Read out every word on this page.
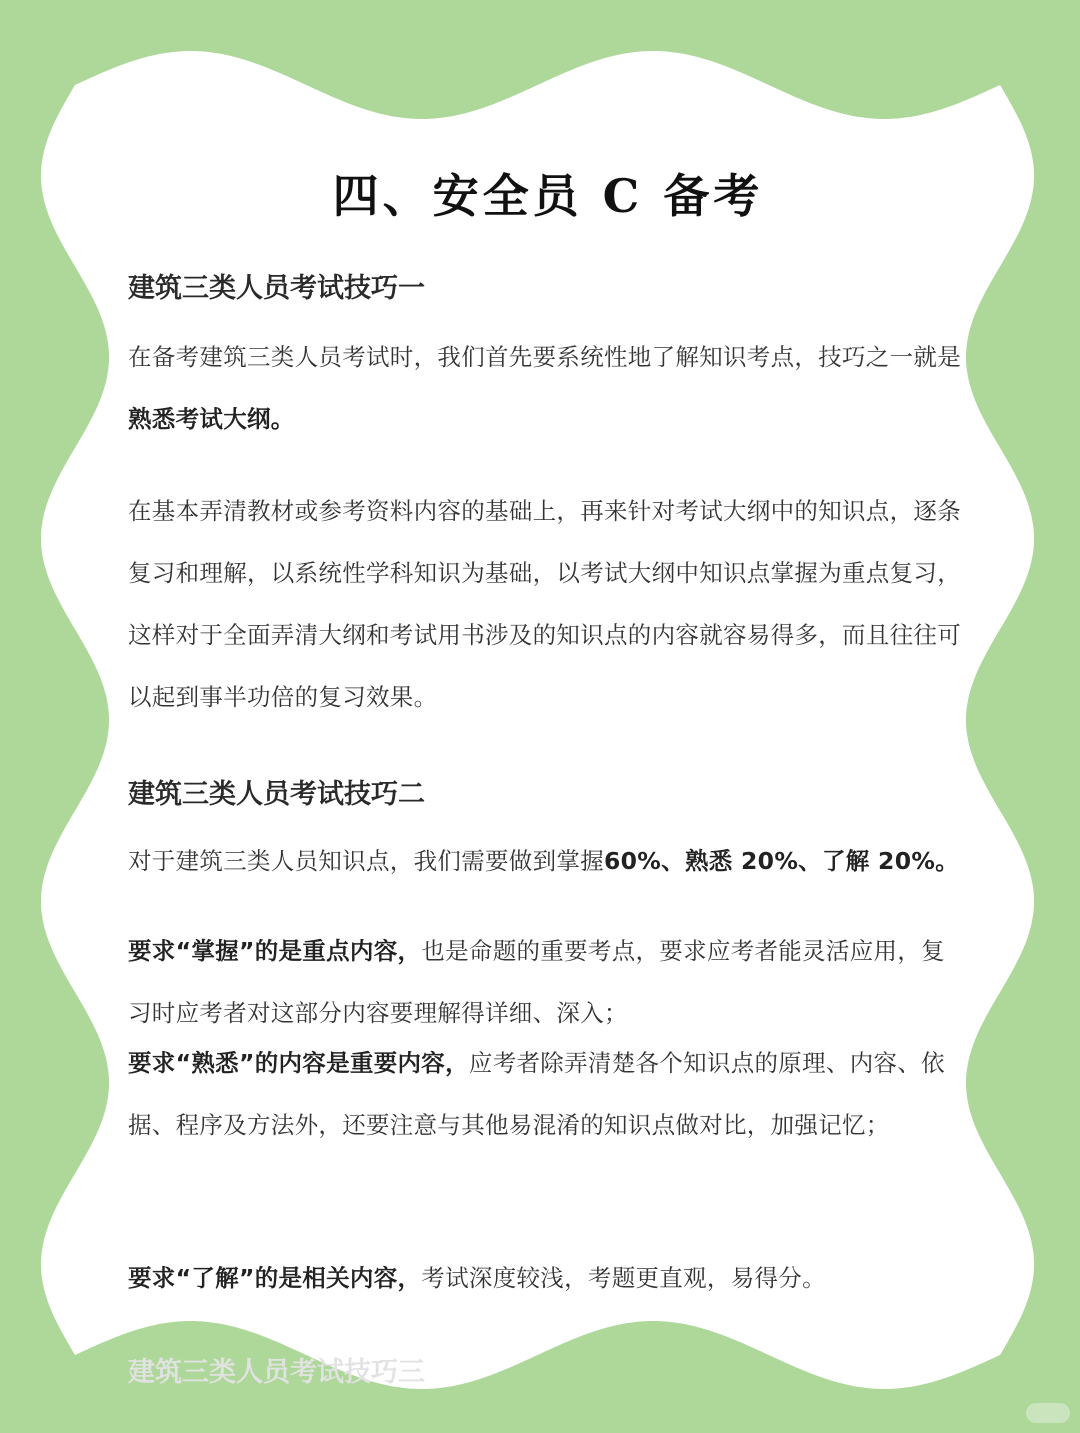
四、安全员 C 备考
建筑三类人员考试技巧一

在备考建筑三类人员考试时，我们首先要系统性地了解知识考点，技巧之一就是熟悉考试大纲。

在基本弄清教材或参考资料内容的基础上，再来针对考试大纲中的知识点，逐条复习和理解，以系统性学科知识为基础，以考试大纲中知识点掌握为重点复习，这样对于全面弄清大纲和考试用书涉及的知识点的内容就容易得多，而且往往可以起到事半功倍的复习效果。

建筑三类人员考试技巧二

对于建筑三类人员知识点，我们需要做到掌握60%、熟悉 20%、了解 20%。

要求“掌握”的是重点内容，也是命题的重要考点，要求应考者能灵活应用，复习时应考者对这部分内容要理解得详细、深入；

要求“熟悉”的内容是重要内容，应考者除弄清楚各个知识点的原理、内容、依据、程序及方法外，还要注意与其他易混淆的知识点做对比，加强记忆；

要求“了解”的是相关内容，考试深度较浅，考题更直观，易得分。

建筑三类人员考试技巧三
